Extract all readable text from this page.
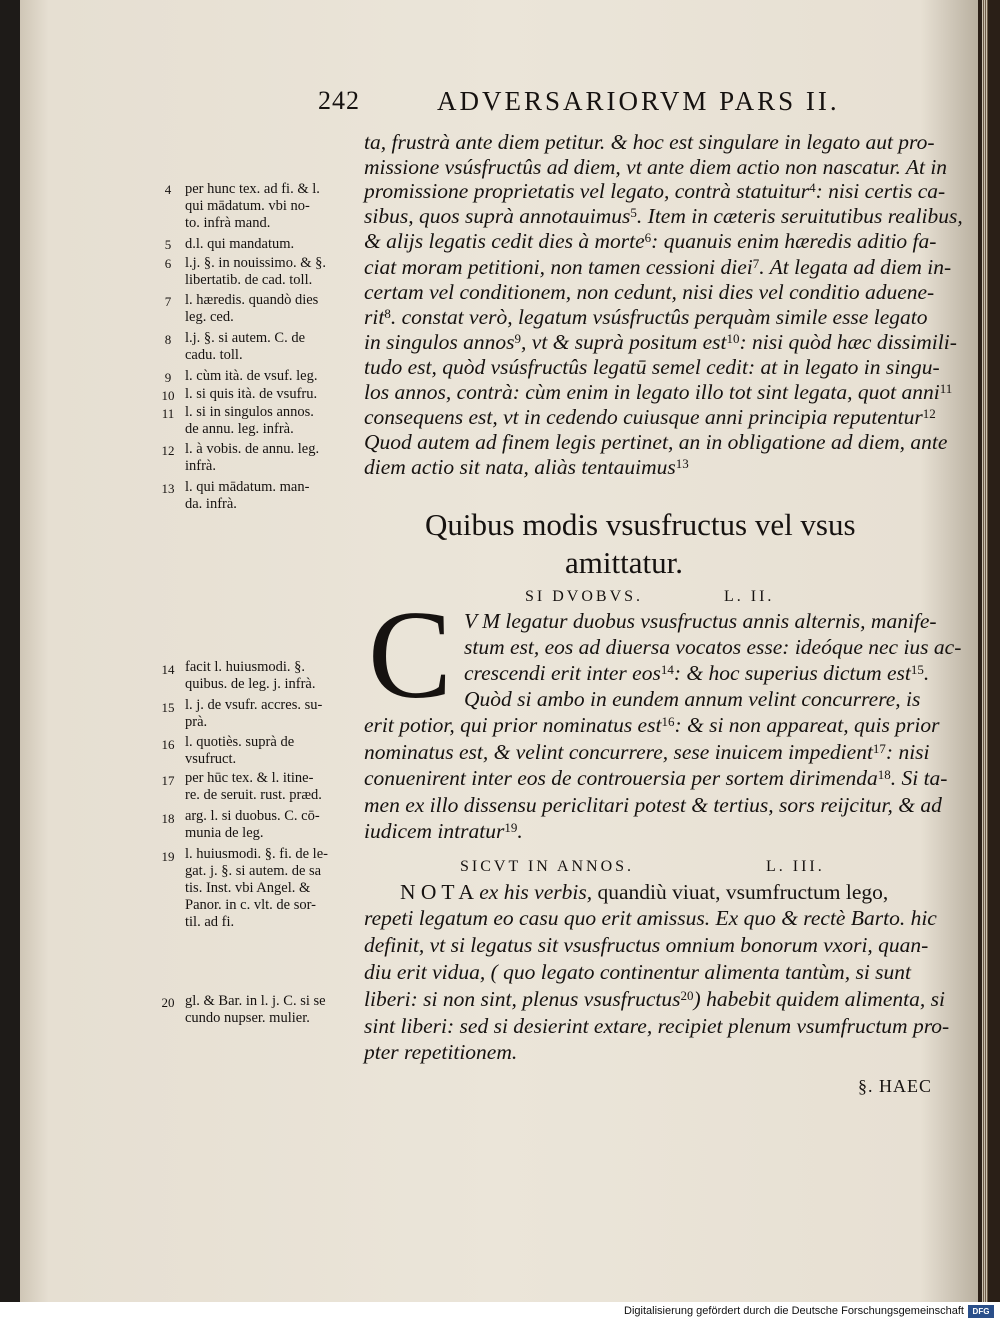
242	ADVERSARIORVM PARS II.
ta, frustrà ante diem petitur. & hoc est singulare in legato aut pro-
missione vsúsfructûs ad diem, vt ante diem actio non nascatur. At in
promissione proprietatis vel legato, contrà statuitur$^4$: nisi certis ca-
sibus, quos suprà annotauimus$^5$. Item in cæteris seruitutibus realibus,
& alijs legatis cedit dies à morte$^6$: quanuis enim hæredis aditio fa-
ciat moram petitioni, non tamen cessioni diei$^7$. At legata ad diem in-
certam vel conditionem, non cedunt, nisi dies vel conditio aduene-
rit$^8$. constat verò, legatum vsúsfructûs perquàm simile esse legato
in singulos annos$^9$, vt & suprà positum est$^{10}$: nisi quòd hæc dissimili-
tudo est, quòd vsúsfructûs legatū semel cedit: at in legato in singu-
los annos, contrà: cùm enim in legato illo tot sint legata, quot anni$^{11}$
consequens est, vt in cedendo cuiusque anni principia reputentur$^{12}$
Quod autem ad finem legis pertinet, an in obligatione ad diem, ante
diem actio sit nata, aliàs tentauimus$^{13}$
4 per hunc tex. ad fi. & l.
qui mādatum. vbi no-
to. infrà mand.
5 d.l. qui mandatum.
6 l.j. §. in nouissimo. & §.
libertatib. de cad. toll.
7 l. hæredis. quandò dies
leg. ced.
8 l.j. §. si autem. C. de
cadu. toll.
9 l. cùm ità. de vsuf. leg.
10 l. si quis ità. de vsufru.
11 l. si in singulos annos.
de annu. leg. infrà.
12 l. à vobis. de annu. leg.
infrà.
13 l. qui mādatum. man-
da. infrà.
Quibus modis vsusfructus vel vsus
amittatur.
SI DVOBVS.	L. II.
C V M legatur duobus vsusfructus annis alternis, manife-
stum est, eos ad diuersa vocatos esse: ideóque nec ius ac-
crescendi erit inter eos$^{14}$: & hoc superius dictum est$^{15}$.
Quòd si ambo in eundem annum velint concurrere, is
erit potior, qui prior nominatus est$^{16}$: & si non appareat, quis prior
nominatus est, & velint concurrere, sese inuicem impedient$^{17}$: nisi
conuenirent inter eos de controuersia per sortem dirimenda$^{18}$. Si ta-
men ex illo dissensu periclitari potest & tertius, sors reijcitur, & ad
iudicem intratur$^{19}$.
14 facit l. huiusmodi. §.
quibus. de leg. j. infrà.
15 l. j. de vsufr. accres. su-
prà.
16 l. quotiès. suprà de
vsufruct.
17 per hūc tex. & l. itine-
re. de seruit. rust. præd.
18 arg. l. si duobus. C. cō-
munia de leg.
19 l. huiusmodi. §. fi. de le-
gat. j. §. si autem. de sa
tis. Inst. vbi Angel. &
Panor. in c. vlt. de sor-
til. ad fi.
20 gl. & Bar. in l. j. C. si se
cundo nupser. mulier.
SICVT IN ANNOS.	L. III.
N O T A ex his verbis, quandiù viuat, vsumfructum lego,
repeti legatum eo casu quo erit amissus. Ex quo & rectè Barto. hic
definit, vt si legatus sit vsusfructus omnium bonorum vxori, quan-
diu erit vidua, ( quo legato continentur alimenta tantùm, si sunt
liberi: si non sint, plenus vsusfructus$^{20}$) habebit quidem alimenta, si
sint liberi: sed si desierint extare, recipiet plenum vsumfructum pro-
pter repetitionem.
§. HAEC
Digitalisierung gefördert durch die Deutsche Forschungsgemeinschaft	DFG
